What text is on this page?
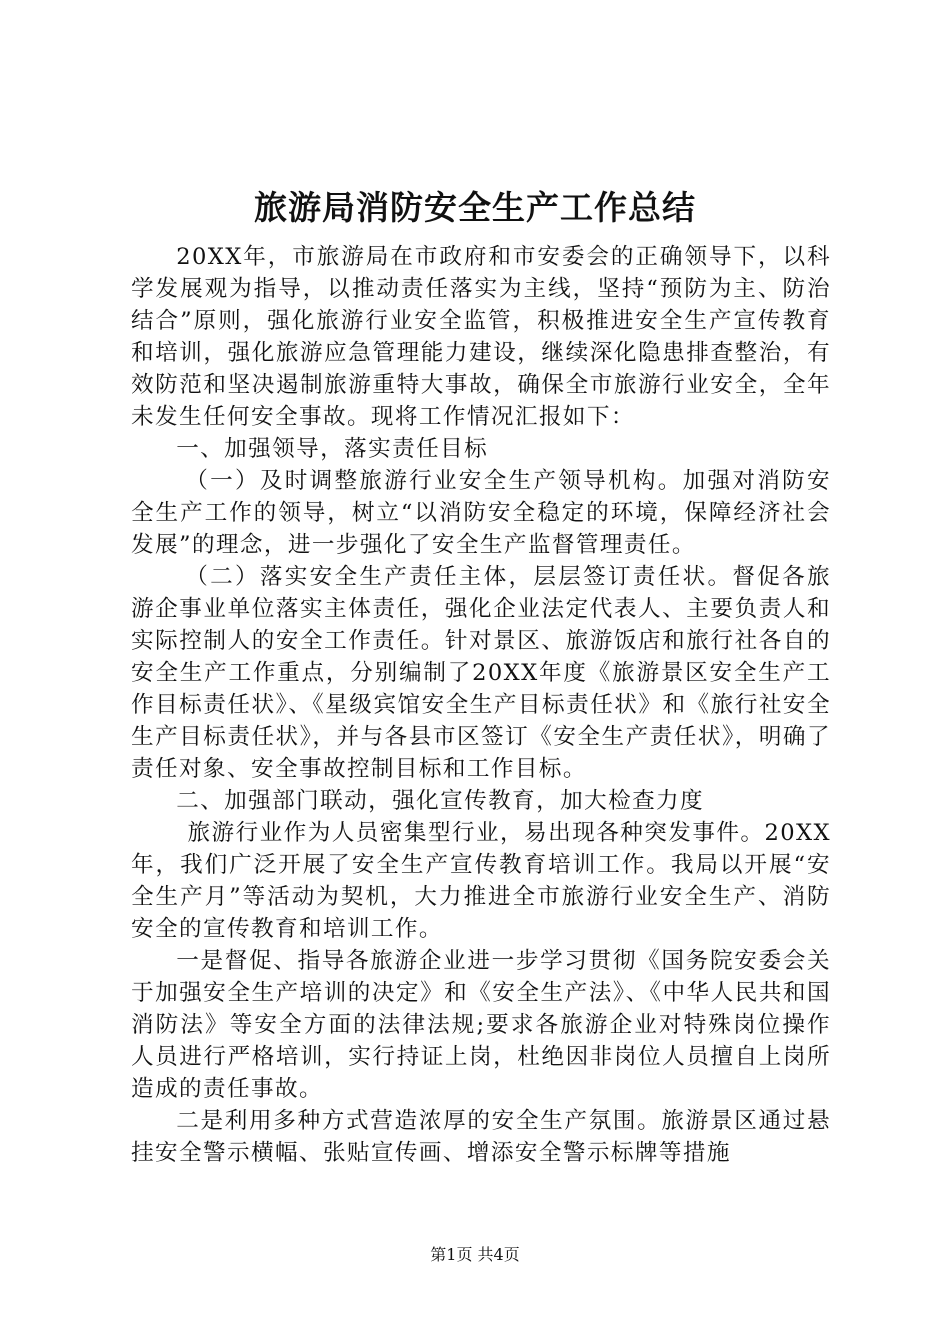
旅游局消防安全生产工作总结

20XX年，市旅游局在市政府和市安委会的正确领导下，以科学发展观为指导，以推动责任落实为主线，坚持“预防为主、防治结合”原则，强化旅游行业安全监管，积极推进安全生产宣传教育和培训，强化旅游应急管理能力建设，继续深化隐患排查整治，有效防范和坚决遏制旅游重特大事故，确保全市旅游行业安全，全年未发生任何安全事故。现将工作情况汇报如下：

一、加强领导，落实责任目标

（一）及时调整旅游行业安全生产领导机构。加强对消防安全生产工作的领导，树立“以消防安全稳定的环境，保障经济社会发展”的理念，进一步强化了安全生产监督管理责任。

（二）落实安全生产责任主体，层层签订责任状。督促各旅游企事业单位落实主体责任，强化企业法定代表人、主要负责人和实际控制人的安全工作责任。针对景区、旅游饭店和旅行社各自的安全生产工作重点，分别编制了20XX年度《旅游景区安全生产工作目标责任状》、《星级宾馆安全生产目标责任状》和《旅行社安全生产目标责任状》，并与各县市区签订《安全生产责任状》，明确了责任对象、安全事故控制目标和工作目标。

二、加强部门联动，强化宣传教育，加大检查力度

旅游行业作为人员密集型行业，易出现各种突发事件。20XX年，我们广泛开展了安全生产宣传教育培训工作。我局以开展“安全生产月”等活动为契机，大力推进全市旅游行业安全生产、消防安全的宣传教育和培训工作。

一是督促、指导各旅游企业进一步学习贯彻《国务院安委会关于加强安全生产培训的决定》和《安全生产法》、《中华人民共和国消防法》等安全方面的法律法规;要求各旅游企业对特殊岗位操作人员进行严格培训，实行持证上岗，杜绝因非岗位人员擅自上岗所造成的责任事故。

二是利用多种方式营造浓厚的安全生产氛围。旅游景区通过悬挂安全警示横幅、张贴宣传画、增添安全警示标牌等措施

第1页 共4页
